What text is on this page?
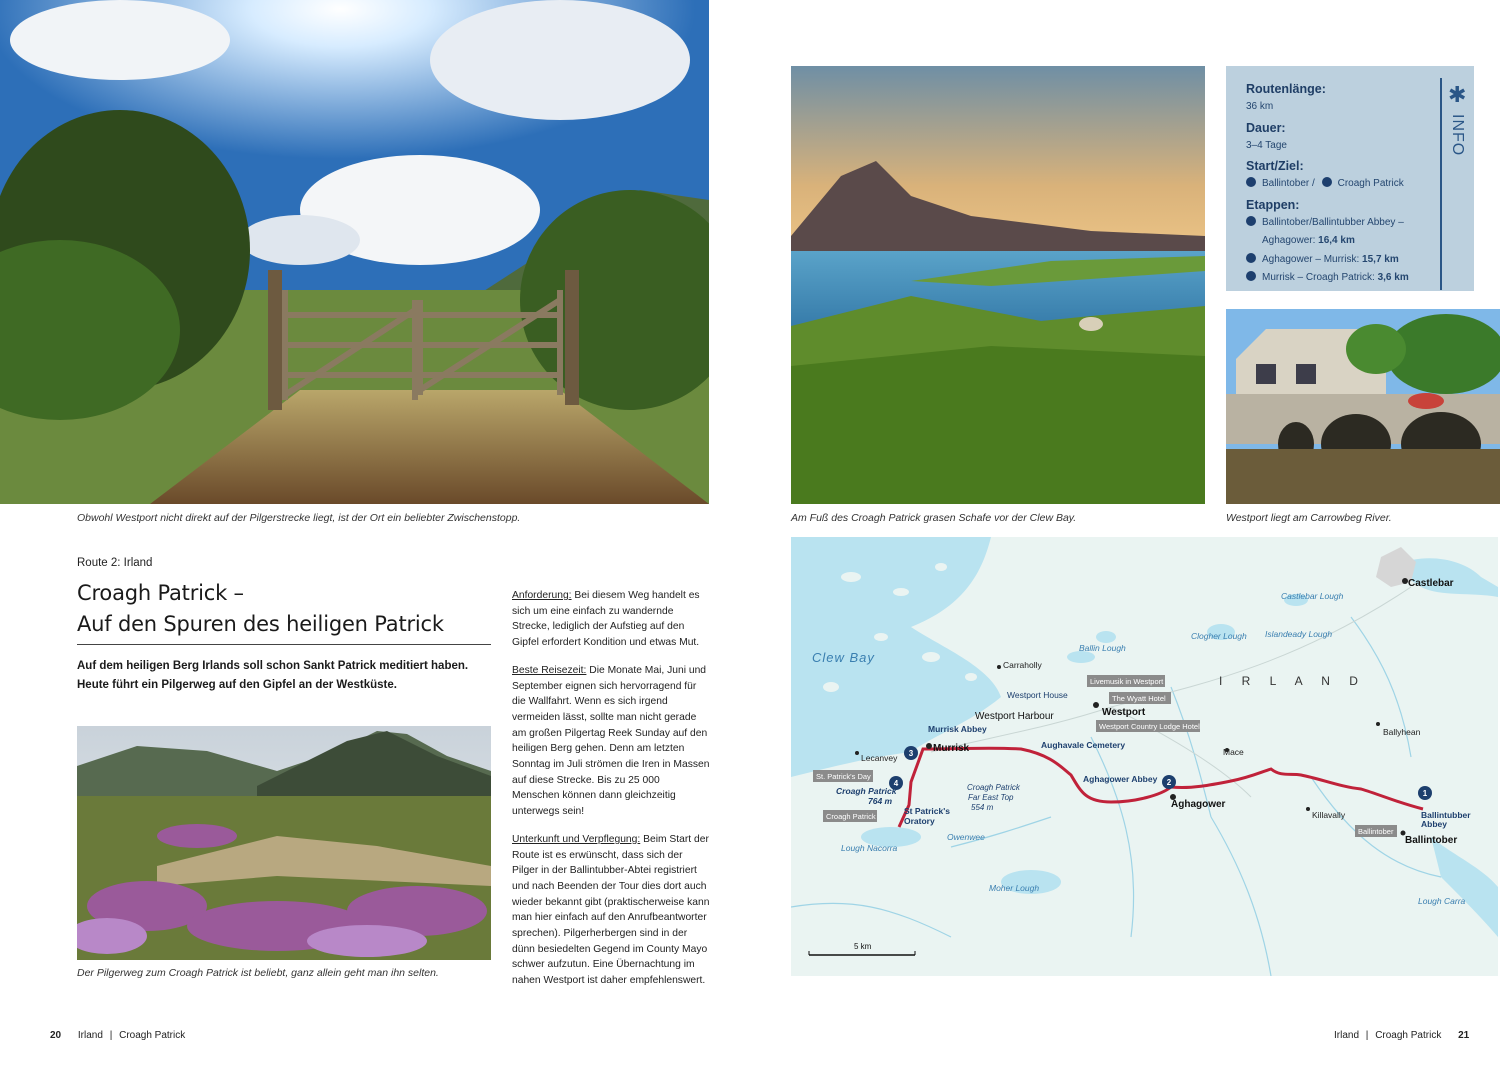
Obwohl Westport nicht direkt auf der Pilgerstrecke liegt, ist der Ort ein beliebter Zwischenstopp.	Am Fuß des Croagh Patrick grasen Schafe vor der Clew Bay.
Routenlänge:
36 km
Dauer:
3–4 Tage
Start/Ziel:
Ballintober / Croagh Patrick
Etappen:
Ballintober/Ballintubber Abbey –
Aghagower: 16,4 km
Aghagower – Murrisk: 15,7 km
Murrisk – Croagh Patrick: 3,6 km
✱
INFO
Westport liegt am Carrowbeg River.
Route 2: Irland
Croagh Patrick –
Auf den Spuren des heiligen Patrick
Auf dem heiligen Berg Irlands soll schon Sankt Patrick meditiert haben. Heute führt ein Pilgerweg auf den Gipfel an der Westküste.
Der Pilgerweg zum Croagh Patrick ist beliebt, ganz allein geht man ihn selten.

Anforderung: Bei diesem Weg handelt es sich um eine einfach zu wandernde Strecke, lediglich der Aufstieg auf den Gipfel erfordert Kondition und etwas Mut.

Beste Reisezeit: Die Monate Mai, Juni und September eignen sich hervorragend für die Wallfahrt. Wenn es sich irgend vermeiden lässt, sollte man nicht gerade am großen Pilgertag Reek Sunday auf den heiligen Berg gehen. Denn am letzten Sonntag im Juli strömen die Iren in Massen auf diese Strecke. Bis zu 25 000 Menschen können dann gleichzeitig unterwegs sein!

Unterkunft und Verpflegung: Beim Start der Route ist es erwünscht, dass sich der Pilger in der Ballintubber-Abtei registriert und nach Beenden der Tour dies dort auch wieder bekannt gibt (praktischerweise kann man hier einfach auf den Anrufbeantworter sprechen). Pilgerherbergen sind in der dünn besiedelten Gegend im County Mayo schwer aufzutun. Eine Übernachtung im nahen Westport ist daher empfehlenswert.

1
2
3
4
Livemusik in Westport
The Wyatt Hotel
Westport Country Lodge Hotel
St. Patrick's Day
Croagh Patrick
Ballintober
Castlebar Lough
Clogher Lough Islandeady Lough
Ballin Lough
Owenwee
Lough Nacorra
Moher Lough
Lough Carra
Clew Bay
I R L A N D
Carraholly
Lecanvey
Mace
Ballyhean
Killavally
Westport House
Murrisk Abbey
Aughavale Cemetery
Aghagower Abbey
Croagh Patrick
764 m
St Patrick's
Oratory
Ballintubber
Abbey
Croagh Patrick
Far East Top
554 m
Castlebar
Westport
Westport Harbour
Murrisk
Aghagower
Ballintober
5 km
20 Irland | Croagh Patrick	Irland | Croagh Patrick 21
